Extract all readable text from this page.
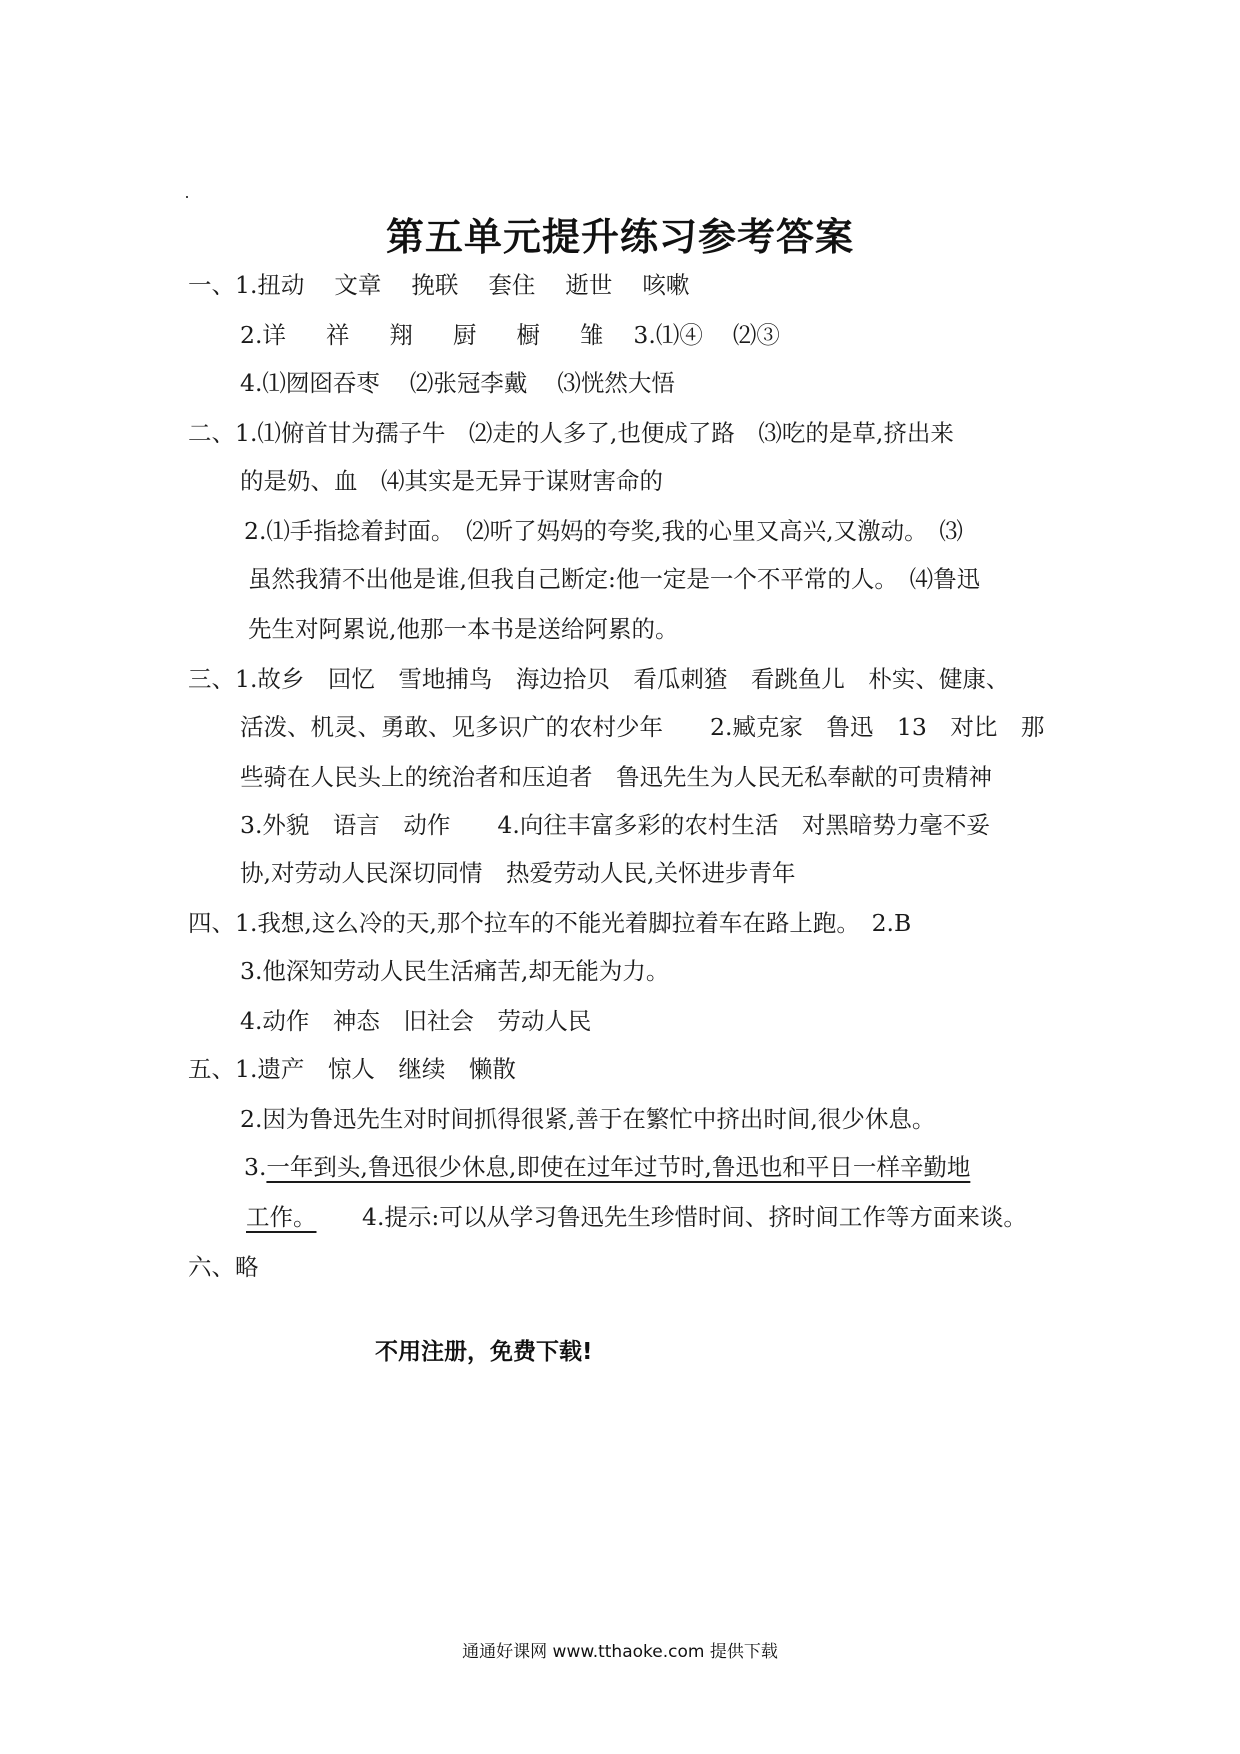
第五单元提升练习参考答案
一、1.扭动 文章 挽联 套住 逝世 咳嗽
2.详 祥 翔 厨 橱 雏 3.⑴④ ⑵③
4.⑴囫囵吞枣 ⑵张冠李戴 ⑶恍然大悟
二、1.⑴俯首甘为孺子牛　⑵走的人多了,也便成了路　⑶吃的是草,挤出来
的是奶、血　⑷其实是无异于谋财害命的
2.⑴手指捻着封面。　⑵听了妈妈的夸奖,我的心里又高兴,又激动。　⑶
虽然我猜不出他是谁,但我自己断定:他一定是一个不平常的人。　⑷鲁迅
先生对阿累说,他那一本书是送给阿累的。
三、1.故乡　回忆　雪地捕鸟　海边拾贝　看瓜刺猹　看跳鱼儿　朴实、健康、
活泼、机灵、勇敢、见多识广的农村少年　　2.臧克家　鲁迅　13　对比　那
些骑在人民头上的统治者和压迫者　鲁迅先生为人民无私奉献的可贵精神
3.外貌　语言　动作　　4.向往丰富多彩的农村生活　对黑暗势力毫不妥
协,对劳动人民深切同情　热爱劳动人民,关怀进步青年
四、1.我想,这么冷的天,那个拉车的不能光着脚拉着车在路上跑。　2.B
3.他深知劳动人民生活痛苦,却无能为力。
4.动作　神态　旧社会　劳动人民
五、1.遗产　惊人　继续　懒散
2.因为鲁迅先生对时间抓得很紧,善于在繁忙中挤出时间,很少休息。
3.一年到头,鲁迅很少休息,即使在过年过节时,鲁迅也和平日一样辛勤地
工作。　4.提示:可以从学习鲁迅先生珍惜时间、挤时间工作等方面来谈。
六、略
不用注册，免费下载!
通通好课网 www.tthaoke.com 提供下载
